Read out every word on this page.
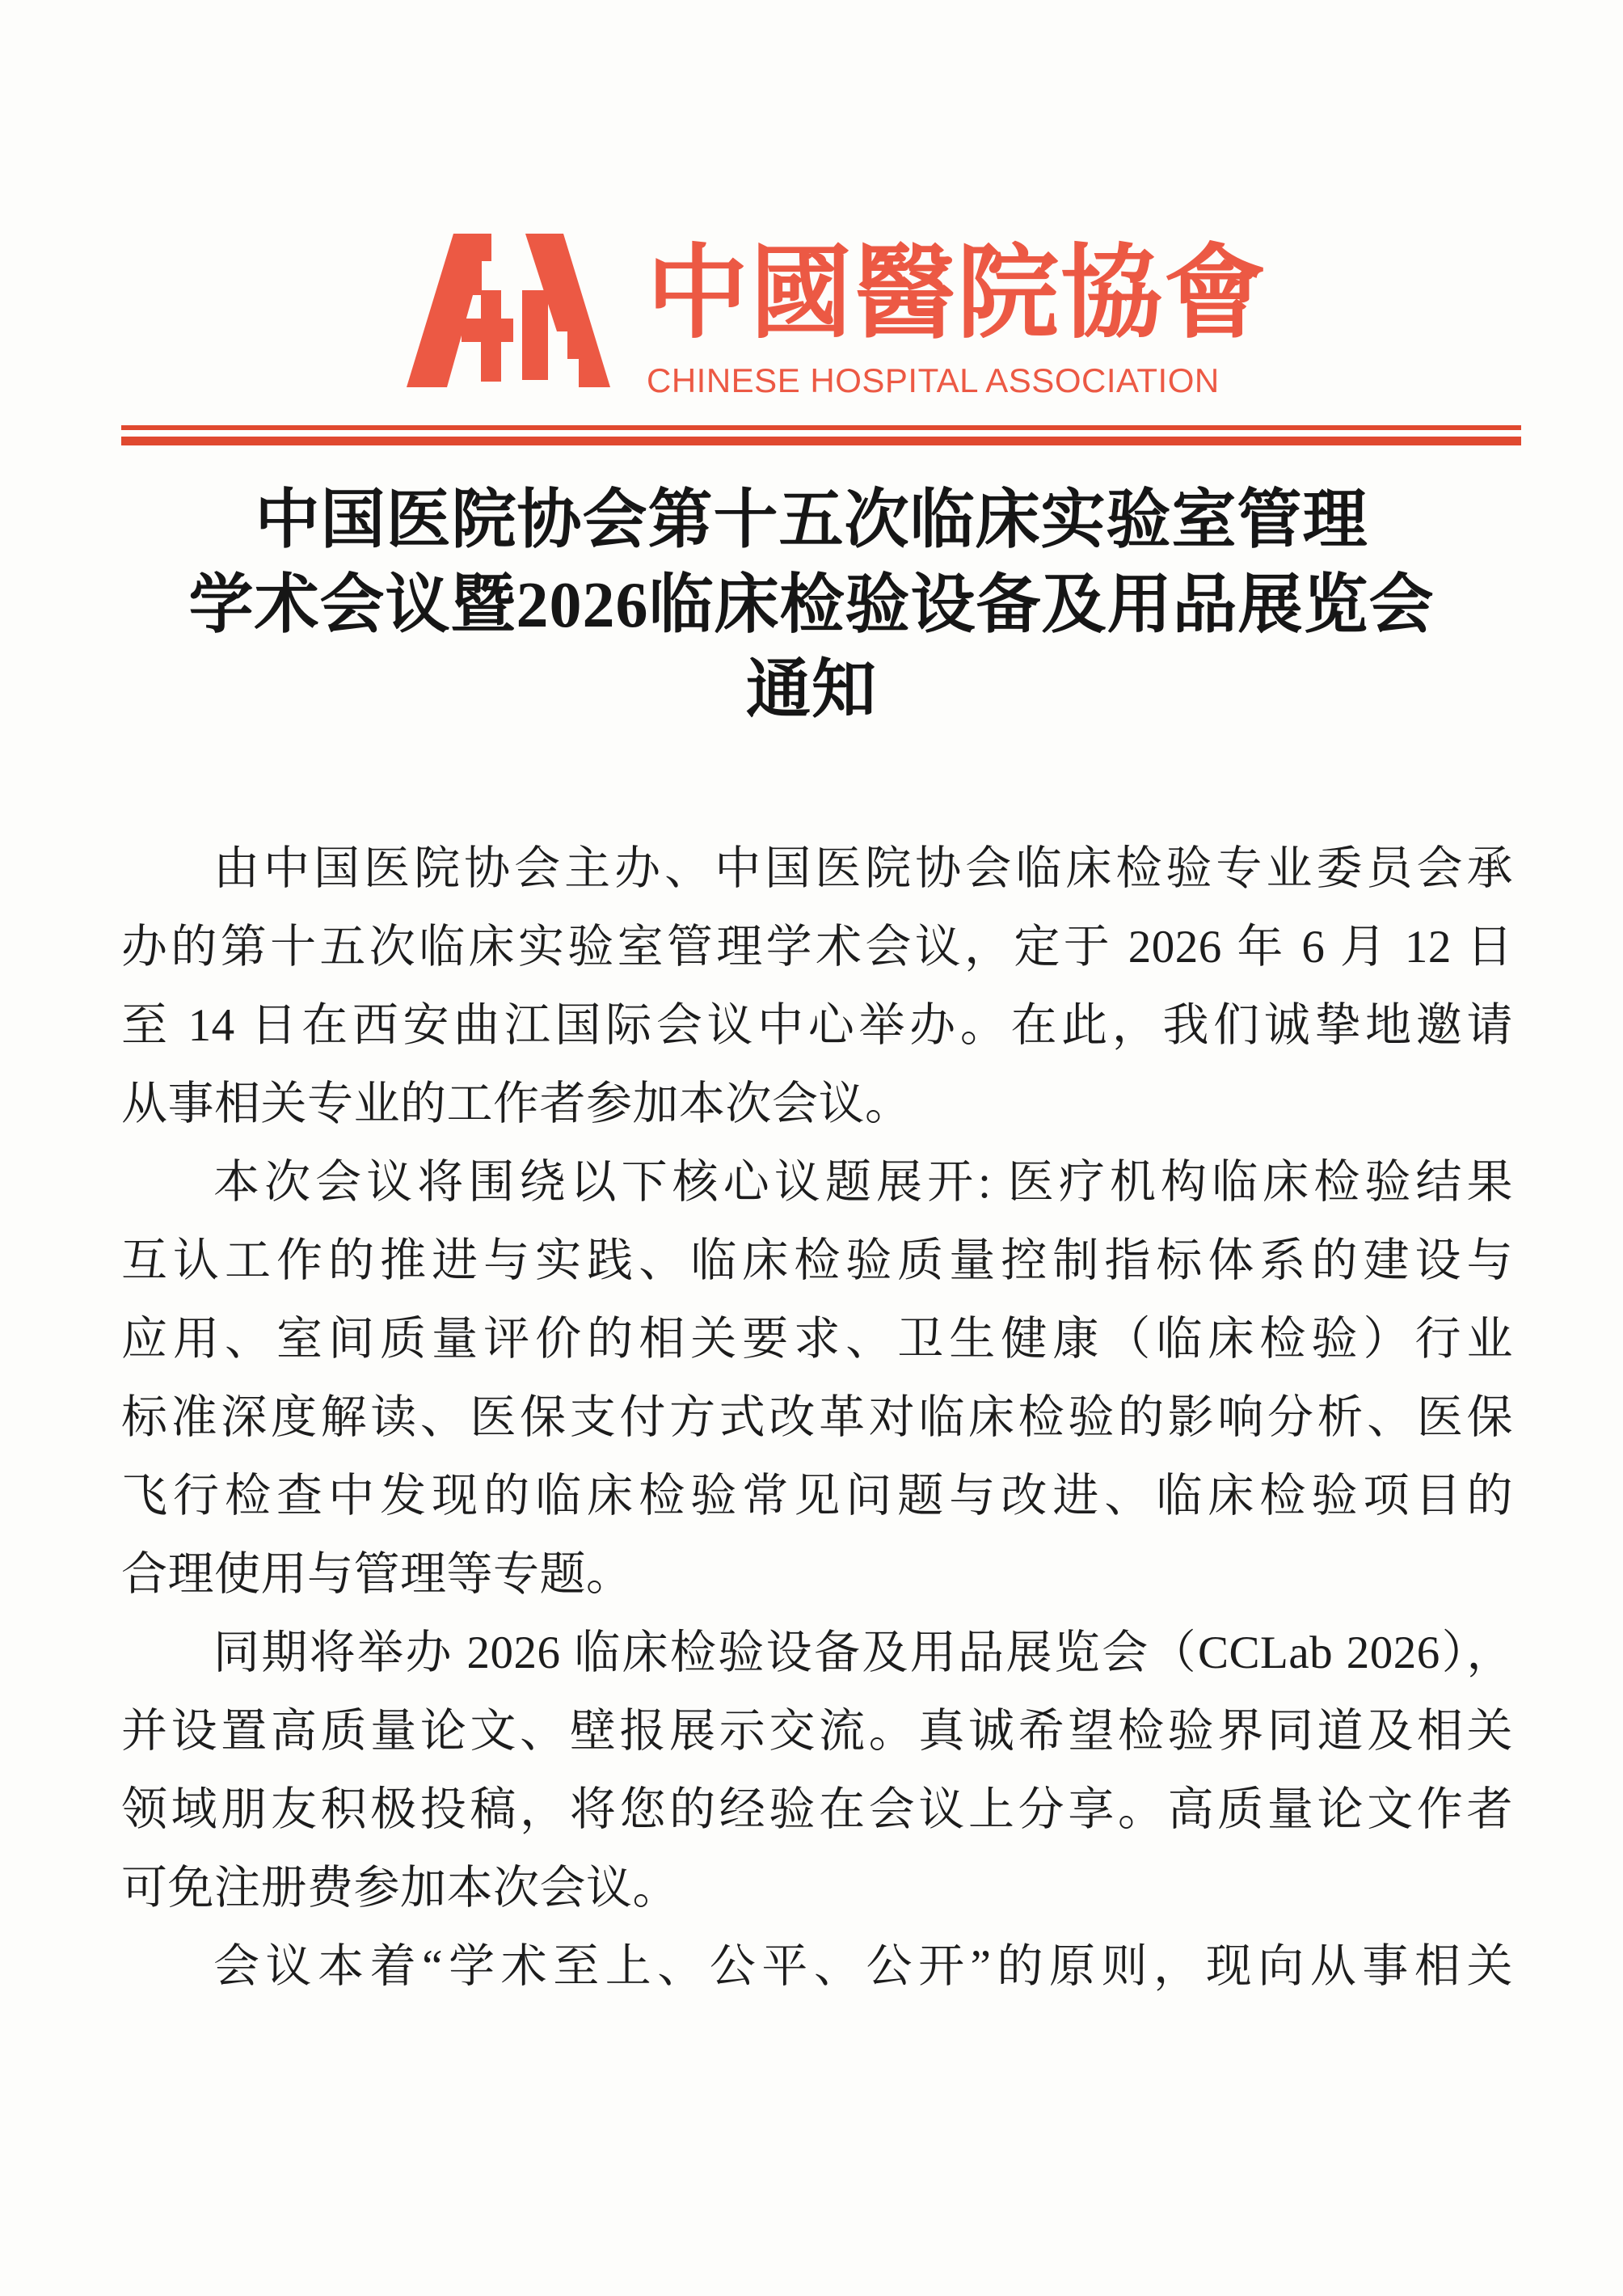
中國醫院協會
CHINESE HOSPITAL ASSOCIATION
中国医院协会第十五次临床实验室管理
学术会议暨2026临床检验设备及用品展览会
通知
由中国医院协会主办、中国医院协会临床检验专业委员会承
办的第十五次临床实验室管理学术会议，定于 2026 年 6 月 12 日
至 14 日在西安曲江国际会议中心举办。在此，我们诚挚地邀请
从事相关专业的工作者参加本次会议。
本次会议将围绕以下核心议题展开: 医疗机构临床检验结果
互认工作的推进与实践、临床检验质量控制指标体系的建设与
应用、室间质量评价的相关要求、卫生健康（临床检验）行业
标准深度解读、医保支付方式改革对临床检验的影响分析、医保
飞行检查中发现的临床检验常见问题与改进、临床检验项目的
合理使用与管理等专题。
同期将举办 2026 临床检验设备及用品展览会（CCLab 2026），
并设置高质量论文、壁报展示交流。真诚希望检验界同道及相关
领域朋友积极投稿，将您的经验在会议上分享。高质量论文作者
可免注册费参加本次会议。
会议本着“学术至上、公平、公开”的原则，现向从事相关
